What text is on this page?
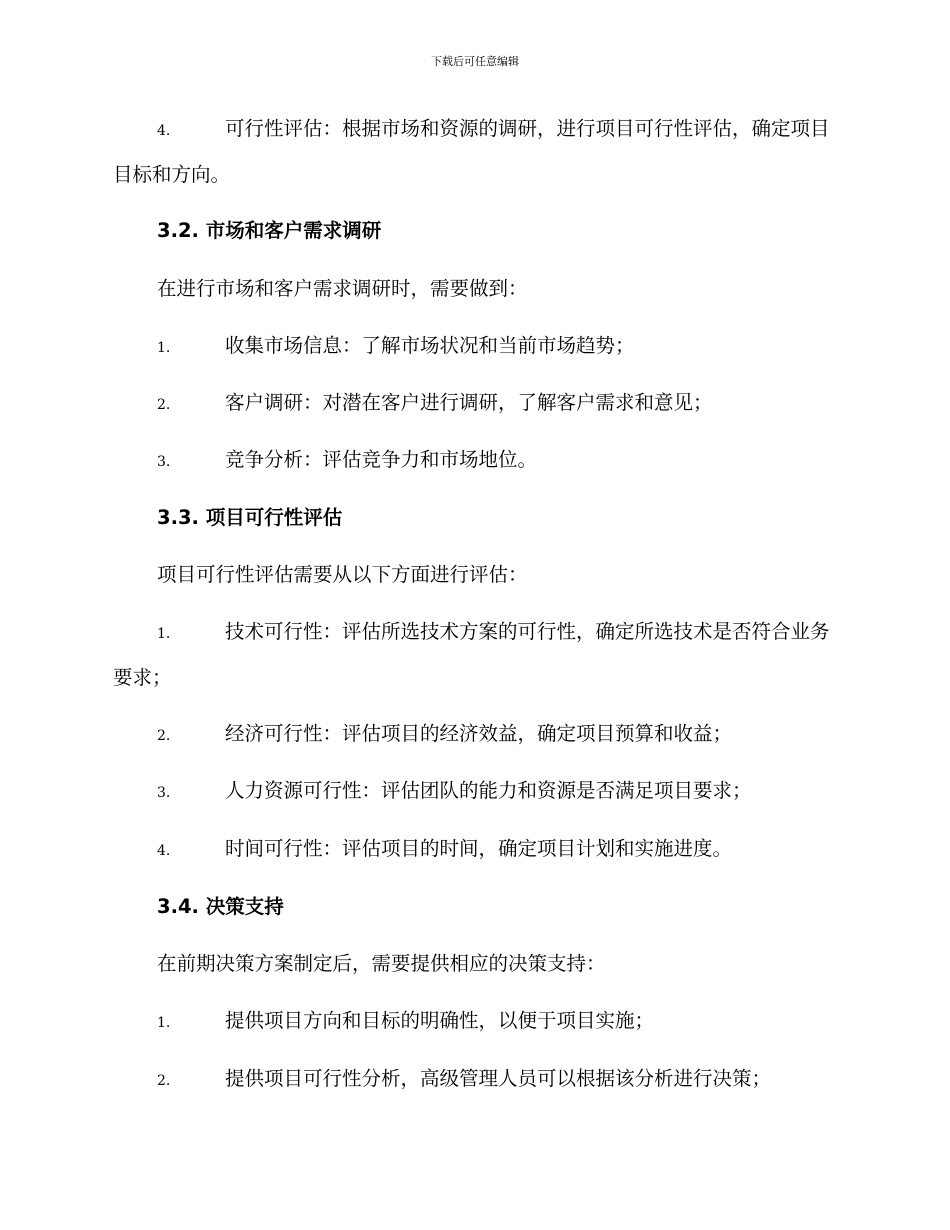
下载后可任意编辑
4.	可行性评估：根据市场和资源的调研，进行项目可行性评估，确定项目目标和方向。
3.2. 市场和客户需求调研
在进行市场和客户需求调研时，需要做到：
1.	收集市场信息：了解市场状况和当前市场趋势；
2.	客户调研：对潜在客户进行调研，了解客户需求和意见；
3.	竞争分析：评估竞争力和市场地位。
3.3. 项目可行性评估
项目可行性评估需要从以下方面进行评估：
1.	技术可行性：评估所选技术方案的可行性，确定所选技术是否符合业务要求；
2.	经济可行性：评估项目的经济效益，确定项目预算和收益；
3.	人力资源可行性：评估团队的能力和资源是否满足项目要求；
4.	时间可行性：评估项目的时间，确定项目计划和实施进度。
3.4. 决策支持
在前期决策方案制定后，需要提供相应的决策支持：
1.	提供项目方向和目标的明确性，以便于项目实施；
2.	提供项目可行性分析，高级管理人员可以根据该分析进行决策；
